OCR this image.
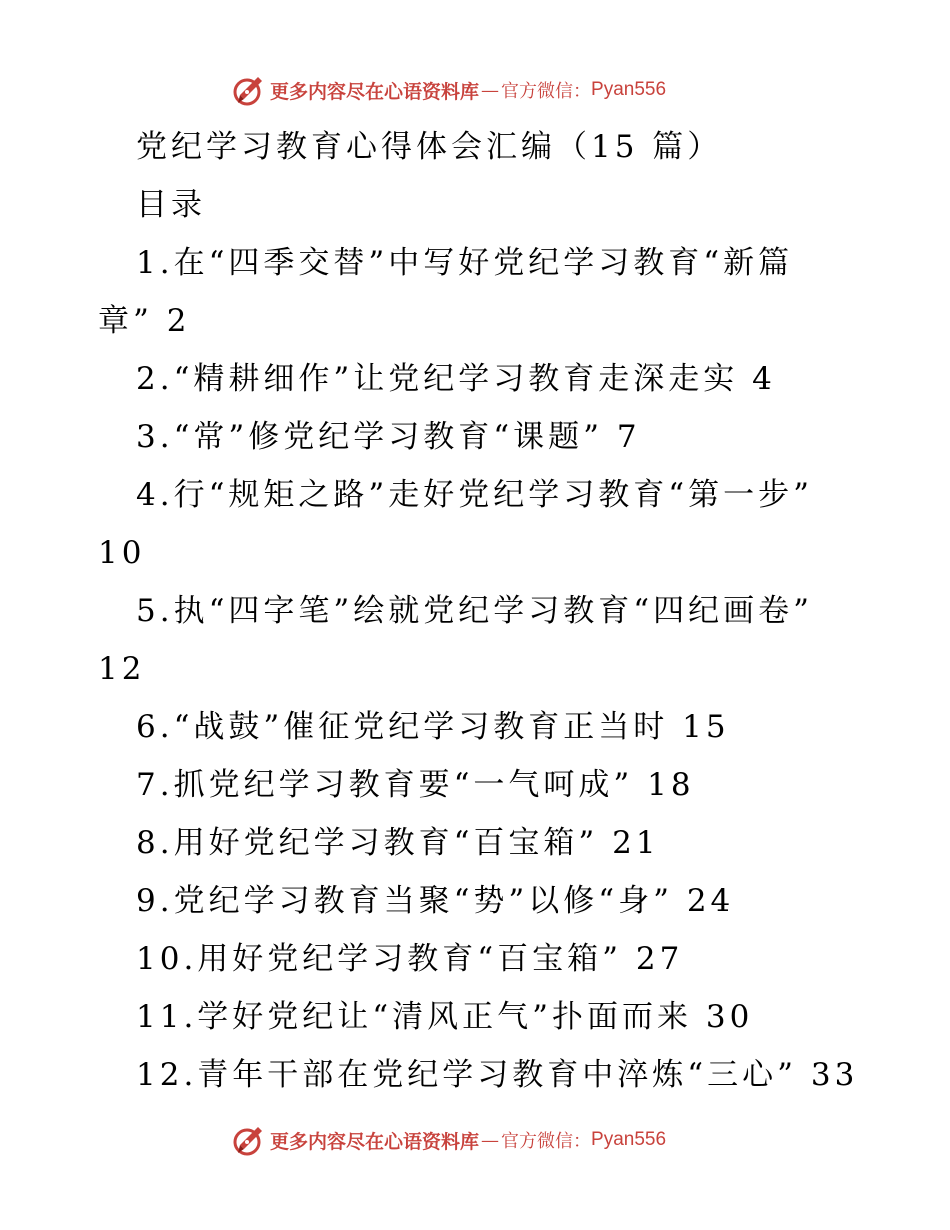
更多内容尽在心语资料库 — 官方微信： Pyan556
党纪学习教育心得体会汇编（15 篇）
目录
1.在“四季交替”中写好党纪学习教育“新篇
章” 2
2.“精耕细作”让党纪学习教育走深走实 4
3.“常”修党纪学习教育“课题” 7
4.行“规矩之路”走好党纪学习教育“第一步”
10
5.执“四字笔”绘就党纪学习教育“四纪画卷”
12
6.“战鼓”催征党纪学习教育正当时 15
7.抓党纪学习教育要“一气呵成” 18
8.用好党纪学习教育“百宝箱” 21
9.党纪学习教育当聚“势”以修“身” 24
10.用好党纪学习教育“百宝箱” 27
11.学好党纪让“清风正气”扑面而来 30
12.青年干部在党纪学习教育中淬炼“三心” 33
更多内容尽在心语资料库 — 官方微信： Pyan556
